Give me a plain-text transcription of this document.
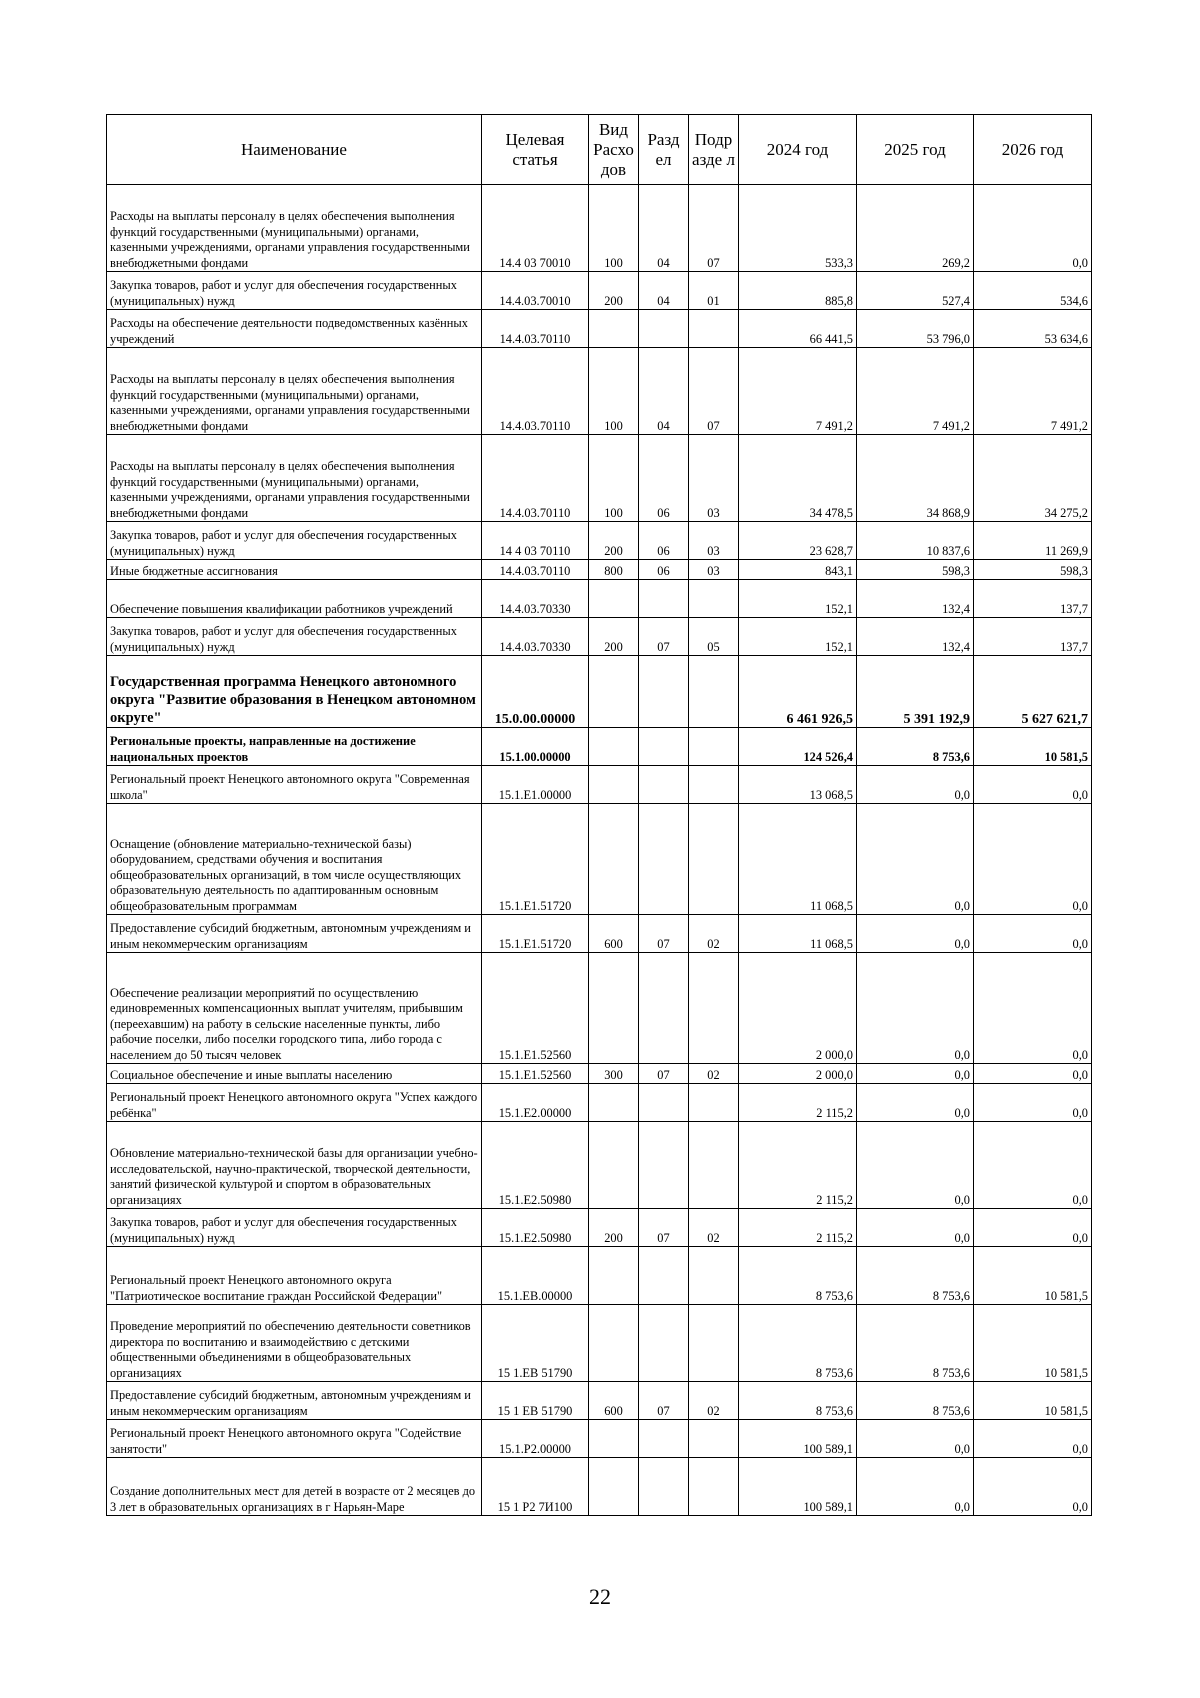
Наименование	Целевая статья	Вид Расхо дов	Разд ел	Подр азде л	2024 год	2025 год	2026 год
Расходы на выплаты персоналу в целях обеспечения выполнения функций государственными (муниципальными) органами, казенными учреждениями, органами управления государственными внебюджетными фондами	14.4 03 70010	100	04	07	533,3	269,2	0,0
Закупка товаров, работ и услуг для обеспечения государственных (муниципальных) нужд	14.4.03.70010	200	04	01	885,8	527,4	534,6
Расходы на обеспечение деятельности подведомственных казённых учреждений	14.4.03.70110				66 441,5	53 796,0	53 634,6
Расходы на выплаты персоналу в целях обеспечения выполнения функций государственными (муниципальными) органами, казенными учреждениями, органами управления государственными внебюджетными фондами	14.4.03.70110	100	04	07	7 491,2	7 491,2	7 491,2
Расходы на выплаты персоналу в целях обеспечения выполнения функций государственными (муниципальными) органами, казенными учреждениями, органами управления государственными внебюджетными фондами	14.4.03.70110	100	06	03	34 478,5	34 868,9	34 275,2
Закупка товаров, работ и услуг для обеспечения государственных (муниципальных) нужд	14 4 03 70110	200	06	03	23 628,7	10 837,6	11 269,9
Иные бюджетные ассигнования	14.4.03.70110	800	06	03	843,1	598,3	598,3
Обеспечение повышения квалификации работников учреждений	14.4.03.70330				152,1	132,4	137,7
Закупка товаров, работ и услуг для обеспечения государственных (муниципальных) нужд	14.4.03.70330	200	07	05	152,1	132,4	137,7
Государственная программа Ненецкого автономного округа "Развитие образования в Ненецком автономном округе"	15.0.00.00000				6 461 926,5	5 391 192,9	5 627 621,7
Региональные проекты, направленные на достижение национальных проектов	15.1.00.00000				124 526,4	8 753,6	10 581,5
Региональный проект Ненецкого автономного округа "Современная школа"	15.1.E1.00000				13 068,5	0,0	0,0
Оснащение (обновление материально-технической базы) оборудованием, средствами обучения и воспитания общеобразовательных организаций, в том числе осуществляющих образовательную деятельность по адаптированным основным общеобразовательным программам	15.1.E1.51720				11 068,5	0,0	0,0
Предоставление субсидий бюджетным, автономным учреждениям и иным некоммерческим организациям	15.1.E1.51720	600	07	02	11 068,5	0,0	0,0
Обеспечение реализации мероприятий по осуществлению единовременных компенсационных выплат учителям, прибывшим (переехавшим) на работу в сельские населенные пункты, либо рабочие поселки, либо поселки городского типа, либо города с населением до 50 тысяч человек	15.1.E1.52560				2 000,0	0,0	0,0
Социальное обеспечение и иные выплаты населению	15.1.E1.52560	300	07	02	2 000,0	0,0	0,0
Региональный проект Ненецкого автономного округа "Успех каждого ребёнка"	15.1.E2.00000				2 115,2	0,0	0,0
Обновление материально-технической базы для организации учебно-исследовательской, научно-практической, творческой деятельности, занятий физической культурой и спортом в образовательных организациях	15.1.E2.50980				2 115,2	0,0	0,0
Закупка товаров, работ и услуг для обеспечения государственных (муниципальных) нужд	15.1.E2.50980	200	07	02	2 115,2	0,0	0,0
Региональный проект Ненецкого автономного округа "Патриотическое воспитание граждан Российской Федерации"	15.1.EB.00000				8 753,6	8 753,6	10 581,5
Проведение мероприятий по обеспечению деятельности советников директора по воспитанию и взаимодействию с детскими общественными объединениями в общеобразовательных организациях	15 1.EB 51790				8 753,6	8 753,6	10 581,5
Предоставление субсидий бюджетным, автономным учреждениям и иным некоммерческим организациям	15 1 EB 51790	600	07	02	8 753,6	8 753,6	10 581,5
Региональный проект Ненецкого автономного округа "Содействие занятости"	15.1.P2.00000				100 589,1	0,0	0,0
Создание дополнительных мест для детей в возрасте от 2 месяцев до 3 лет в образовательных организациях в г Нарьян-Маре	15 1 P2 7И100				100 589,1	0,0	0,0
22
